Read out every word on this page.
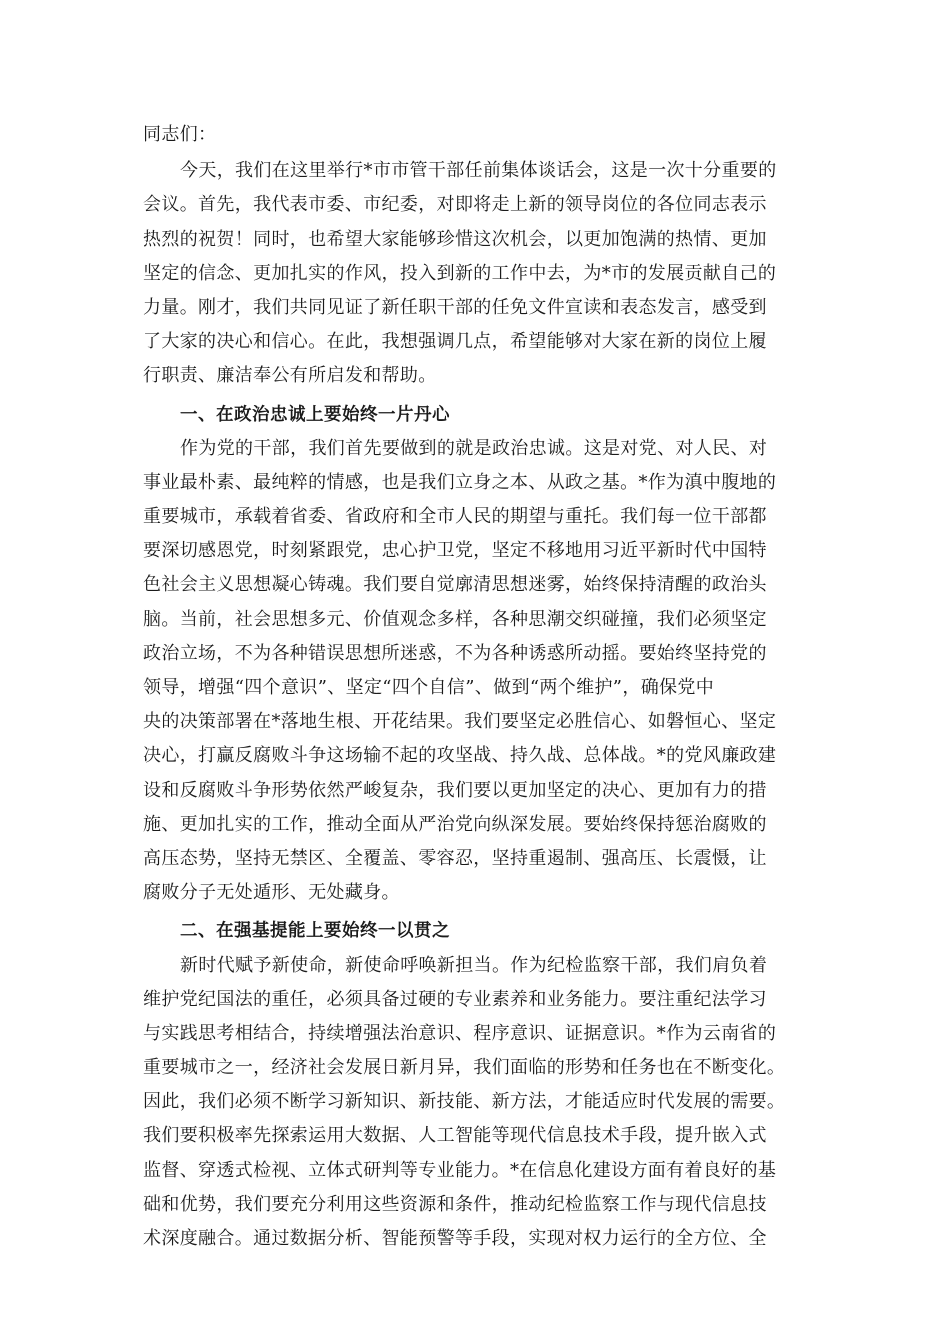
同志们：
今天，我们在这里举行*市市管干部任前集体谈话会，这是一次十分重要的
会议。首先，我代表市委、市纪委，对即将走上新的领导岗位的各位同志表示
热烈的祝贺！同时，也希望大家能够珍惜这次机会，以更加饱满的热情、更加
坚定的信念、更加扎实的作风，投入到新的工作中去，为*市的发展贡献自己的
力量。刚才，我们共同见证了新任职干部的任免文件宣读和表态发言，感受到
了大家的决心和信心。在此，我想强调几点，希望能够对大家在新的岗位上履
行职责、廉洁奉公有所启发和帮助。
一、在政治忠诚上要始终一片丹心
作为党的干部，我们首先要做到的就是政治忠诚。这是对党、对人民、对
事业最朴素、最纯粹的情感，也是我们立身之本、从政之基。*作为滇中腹地的
重要城市，承载着省委、省政府和全市人民的期望与重托。我们每一位干部都
要深切感恩党，时刻紧跟党，忠心护卫党，坚定不移地用习近平新时代中国特
色社会主义思想凝心铸魂。我们要自觉廓清思想迷雾，始终保持清醒的政治头
脑。当前，社会思想多元、价值观念多样，各种思潮交织碰撞，我们必须坚定
政治立场，不为各种错误思想所迷惑，不为各种诱惑所动摇。要始终坚持党的
领导，增强“四个意识”、坚定“四个自信”、做到“两个维护”，确保党中
央的决策部署在*落地生根、开花结果。我们要坚定必胜信心、如磐恒心、坚定
决心，打赢反腐败斗争这场输不起的攻坚战、持久战、总体战。*的党风廉政建
设和反腐败斗争形势依然严峻复杂，我们要以更加坚定的决心、更加有力的措
施、更加扎实的工作，推动全面从严治党向纵深发展。要始终保持惩治腐败的
高压态势，坚持无禁区、全覆盖、零容忍，坚持重遏制、强高压、长震慑，让
腐败分子无处遁形、无处藏身。
二、在强基提能上要始终一以贯之
新时代赋予新使命，新使命呼唤新担当。作为纪检监察干部，我们肩负着
维护党纪国法的重任，必须具备过硬的专业素养和业务能力。要注重纪法学习
与实践思考相结合，持续增强法治意识、程序意识、证据意识。*作为云南省的
重要城市之一，经济社会发展日新月异，我们面临的形势和任务也在不断变化。
因此，我们必须不断学习新知识、新技能、新方法，才能适应时代发展的需要。
我们要积极率先探索运用大数据、人工智能等现代信息技术手段，提升嵌入式
监督、穿透式检视、立体式研判等专业能力。*在信息化建设方面有着良好的基
础和优势，我们要充分利用这些资源和条件，推动纪检监察工作与现代信息技
术深度融合。通过数据分析、智能预警等手段，实现对权力运行的全方位、全
